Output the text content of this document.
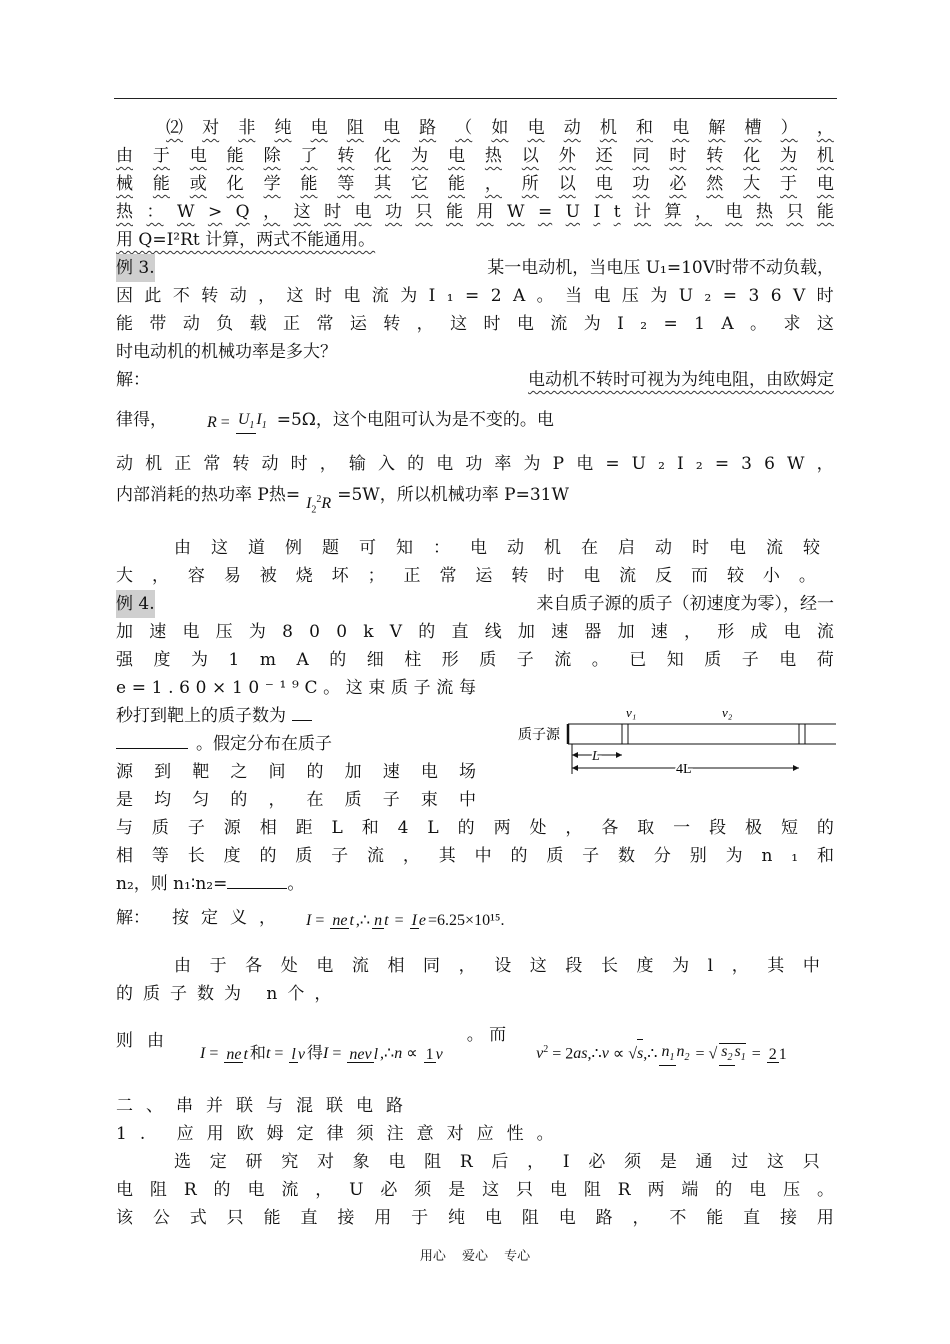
⑵ 对 非 纯 电 阻 电 路 （ 如 电 动 机 和 电 解 槽 ） ，
由 于 电 能 除 了 转 化 为 电 热 以 外 还 同 时 转 化 为 机
械 能 或 化 学 能 等 其 它 能 ， 所 以 电 功 必 然 大 于 电
热 ： W > Q ， 这 时 电 功 只 能 用 W = U I t 计 算 ， 电 热 只 能
用 Q=I²Rt 计算，两式不能通用。
例 3.	某一电动机，当电压 U₁=10V时带不动负载，
因 此 不 转 动 ， 这 时 电 流 为 I ₁ = 2 A 。 当 电 压 为 U ₂ = 3 6 V 时
能 带 动 负 载 正 常 运 转 ， 这 时 电 流 为 I ₂ = 1 A 。 求 这
时电动机的机械功率是多大？
解：	电动机不转时可视为为纯电阻，由欧姆定
律得，	$R = U_1$ $I_1 =5\Omega$，这个电阻可认为是不变的。电
动 机 正 常 转 动 时 ， 输 入 的 电 功 率 为 P 电 = U ₂ I ₂ = 3 6 W ，
内部消耗的热功率 P热= $I_2^2R =5W$，所以机械功率 P=31W
由 这 道 例 题 可 知 ： 电 动 机 在 启 动 时 电 流 较
大 ， 容 易 被 烧 坏 ； 正 常 运 转 时 电 流 反 而 较 小 。
例 4.	来自质子源的质子（初速度为零），经一
加 速 电 压 为 8 0 0 k V 的 直 线 加 速 器 加 速 ， 形 成 电 流
强 度 为 1 m A 的 细 柱 形 质 子 流 。 已 知 质 子 电 荷
e = 1 . 6 0 × 1 0 ⁻ ¹ ⁹ C 。 这 束 质 子 流 每
秒打到靶上的质子数为
。假定分布在质子
源 到 靶 之 间 的 加 速 电 场
是 均 匀 的 ， 在 质 子 束 中
与 质 子 源 相 距 L 和 4 L 的 两 处 ， 各 取 一 段 极 短 的
相 等 长 度 的 质 子 流 ， 其 中 的 质 子 数 分 别 为 n ₁ 和
n₂，则 n₁∶n₂=	。
质子源
v₁	v₂
L
4L
解： 按定义， I = ne t ,∴ n t = I e =6.25×10¹⁵.
由 于 各 处 电 流 相 同 ， 设 这 段 长 度 为 l ， 其 中
的质子数为 n个，
则由
I = ne t 和t = l v 得I = nev l ,∴n ∝ 1 v
。 而
$v^2$ = 2as,∴v ∝ √s,∴ $n_1$ $n_2$ = √ $s_2$ $s_1 = 2$ 1
二、串并联与混联电路
1. 应用欧姆定律须注意对应性。
选 定 研 究 对 象 电 阻 R 后 ， I 必 须 是 通 过 这 只
电 阻 R 的 电 流 ， U 必 须 是 这 只 电 阻 R 两 端 的 电 压 。
该 公 式 只 能 直 接 用 于 纯 电 阻 电 路 ， 不 能 直 接 用
用心 爱心 专心
